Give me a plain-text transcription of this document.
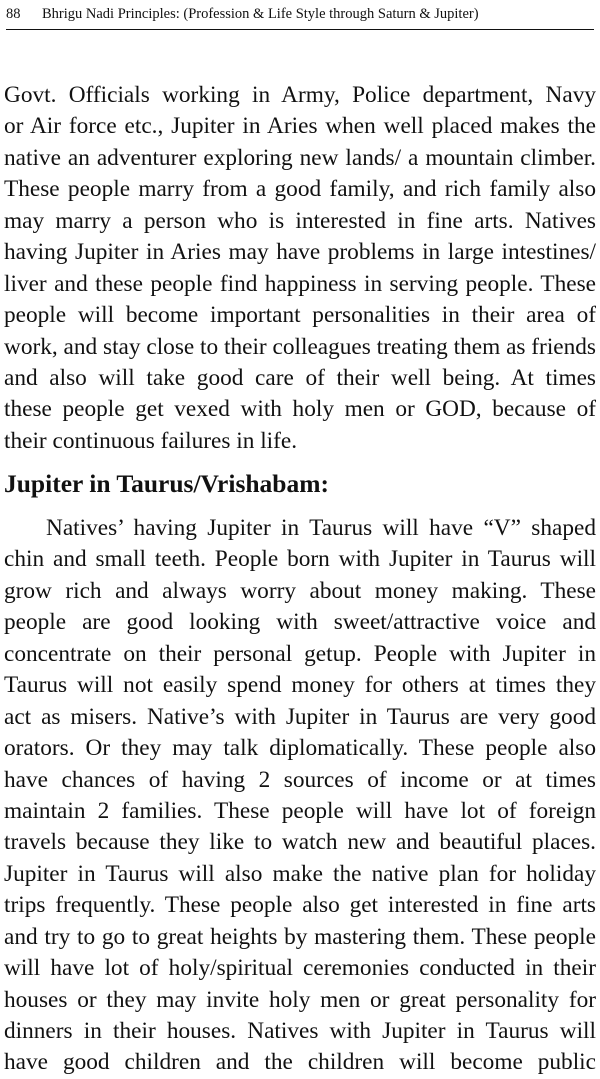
88 Bhrigu Nadi Principles: (Profession & Life Style through Saturn & Jupiter)
Govt. Officials working in Army, Police department, Navy
or Air force etc., Jupiter in Aries when well placed makes the
native an adventurer exploring new lands/ a mountain climber.
These people marry from a good family, and rich family also
may marry a person who is interested in fine arts. Natives
having Jupiter in Aries may have problems in large intestines/
liver and these people find happiness in serving people. These
people will become important personalities in their area of
work, and stay close to their colleagues treating them as friends
and also will take good care of their well being. At times
these people get vexed with holy men or GOD, because of
their continuous failures in life.
Jupiter in Taurus/Vrishabam:
Natives’ having Jupiter in Taurus will have “V” shaped
chin and small teeth. People born with Jupiter in Taurus will
grow rich and always worry about money making. These
people are good looking with sweet/attractive voice and
concentrate on their personal getup. People with Jupiter in
Taurus will not easily spend money for others at times they
act as misers. Native’s with Jupiter in Taurus are very good
orators. Or they may talk diplomatically. These people also
have chances of having 2 sources of income or at times
maintain 2 families. These people will have lot of foreign
travels because they like to watch new and beautiful places.
Jupiter in Taurus will also make the native plan for holiday
trips frequently. These people also get interested in fine arts
and try to go to great heights by mastering them. These people
will have lot of holy/spiritual ceremonies conducted in their
houses or they may invite holy men or great personality for
dinners in their houses. Natives with Jupiter in Taurus will
have good children and the children will become public
